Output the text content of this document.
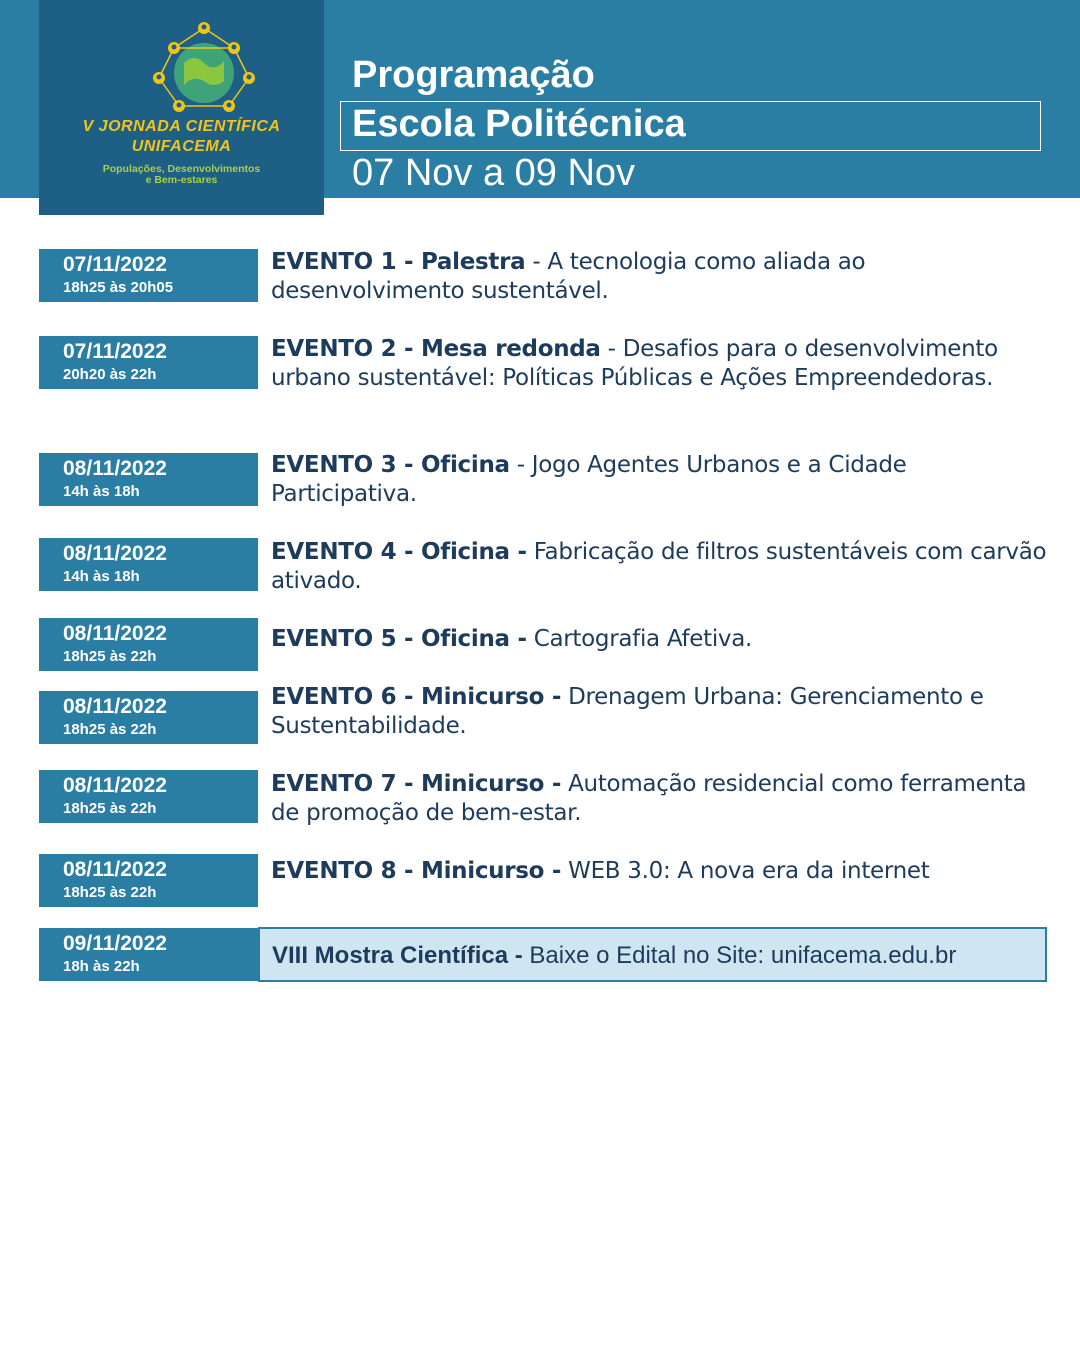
V JORNADA CIENTÍFICA
UNIFACEMA
Populações, Desenvolvimentos
e Bem-estares
Programação
Escola Politécnica
07 Nov a 09 Nov
07/11/2022
18h25 às 20h05
EVENTO 1 - Palestra - A tecnologia como aliada ao desenvolvimento sustentável.
07/11/2022
20h20 às 22h
EVENTO 2 - Mesa redonda - Desafios para o desenvolvimento urbano sustentável: Políticas Públicas e Ações Empreendedoras.
08/11/2022
14h às 18h
EVENTO 3 - Oficina - Jogo Agentes Urbanos e a Cidade Participativa.
08/11/2022
14h às 18h
EVENTO 4 - Oficina - Fabricação de filtros sustentáveis com carvão ativado.
08/11/2022
18h25 às 22h
EVENTO 5 - Oficina - Cartografia Afetiva.
08/11/2022
18h25 às 22h
EVENTO 6 - Minicurso - Drenagem Urbana: Gerenciamento e Sustentabilidade.
08/11/2022
18h25 às 22h
EVENTO 7 - Minicurso - Automação residencial como ferramenta de promoção de bem-estar.
08/11/2022
18h25 às 22h
EVENTO 8 - Minicurso - WEB 3.0: A nova era da internet
09/11/2022
18h às 22h	VIII Mostra Científica - Baixe o Edital no Site: unifacema.edu.br
